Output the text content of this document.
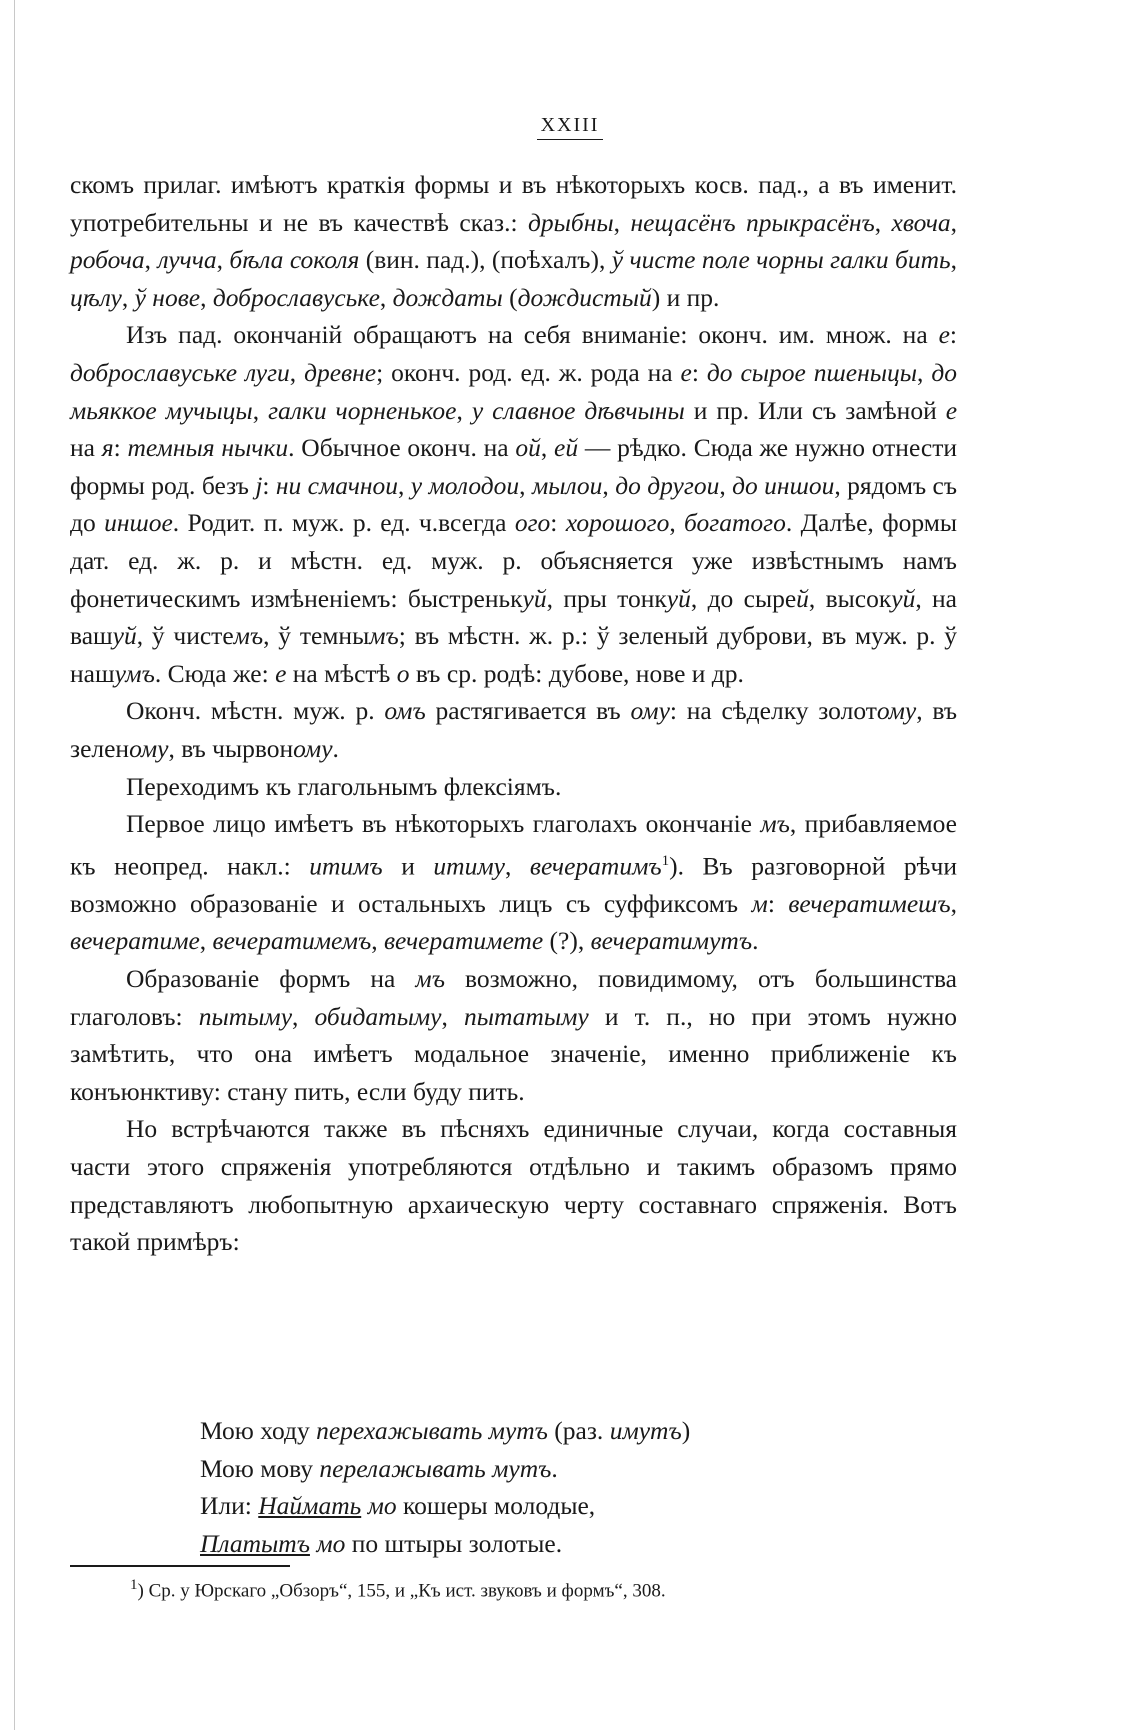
XXIII

скомъ прилаг. имѣютъ краткія формы и въ нѣкоторыхъ косв. пад., а въ именит. употребительны и не въ качествѣ сказ.: дрыбны, нещасёнъ прыкрасёнъ, хвоча, робоча, лучча, бѣла соколя (вин. пад.), (поѣхалъ), ў чисте поле чорны галки бить, цѣлу, ў нове, доброславуське, дождаты (дождистый) и пр.

Изъ пад. окончаній обращаютъ на себя вниманіе: оконч. им. множ. на е: доброславуське луги, древне; оконч. род. ед. ж. рода на е: до сырое пшеныцы, до мьяккое мучыцы, галки чорненькое, у славное дѣвчыны и пр. Или съ замѣной е на я: темныя нычки. Обычное оконч. на ой, ей — рѣдко. Сюда же нужно отнести формы род. безъ ј: ни смачнои, у молодои, мылои, до другои, до иншои, рядомъ съ до иншое. Родит. п. муж. р. ед. ч.всегда ого: хорошого, богатого. Далѣе, формы дат. ед. ж. р. и мѣстн. ед. муж. р. объясняется уже извѣстнымъ намъ фонетическимъ измѣненіемъ: быстренькуй, пры тонкуй, до сырей, высокуй, на вашуй, ў чистемъ, ў темнымъ; въ мѣстн. ж. р.: ў зеленый дуброви, въ муж. р. ў нашумъ. Сюда же: е на мѣстѣ о въ ср. родѣ: дубове, нове и др.

Оконч. мѣстн. муж. р. омъ растягивается въ ому: на сѣделку золотому, въ зеленому, въ чырвоному.

Переходимъ къ глагольнымъ флексіямъ.

Первое лицо имѣетъ въ нѣкоторыхъ глаголахъ окончаніе мъ, прибавляемое къ неопред. накл.: итимъ и итиму, вечератимъ$^1$). Въ разговорной рѣчи возможно образованіе и остальныхъ лицъ съ суффиксомъ м: вечератимешъ, вечератиме, вечератимемъ, вечератимете (?), вечератимутъ.

Образованіе формъ на мъ возможно, повидимому, отъ большинства глаголовъ: пытыму, обидатыму, пытатыму и т. п., но при этомъ нужно замѣтить, что она имѣетъ модальное значеніе, именно приближеніе къ конъюнктиву: стану пить, если буду пить.

Но встрѣчаются также въ пѣсняхъ единичные случаи, когда составныя части этого спряженія употребляются отдѣльно и такимъ образомъ прямо представляютъ любопытную архаическую черту составнаго спряженія. Вотъ такой примѣръ:

Мою ходу перехажывать мутъ (раз. имутъ)

Мою мову перелажывать мутъ.

Или: Наймать мо кошеры молодые,

Платытъ мо по штыры золотые.

$^1$) Ср. у Юрскаго „Обзоръ“, 155, и „Къ ист. звуковъ и формъ“, 308.
